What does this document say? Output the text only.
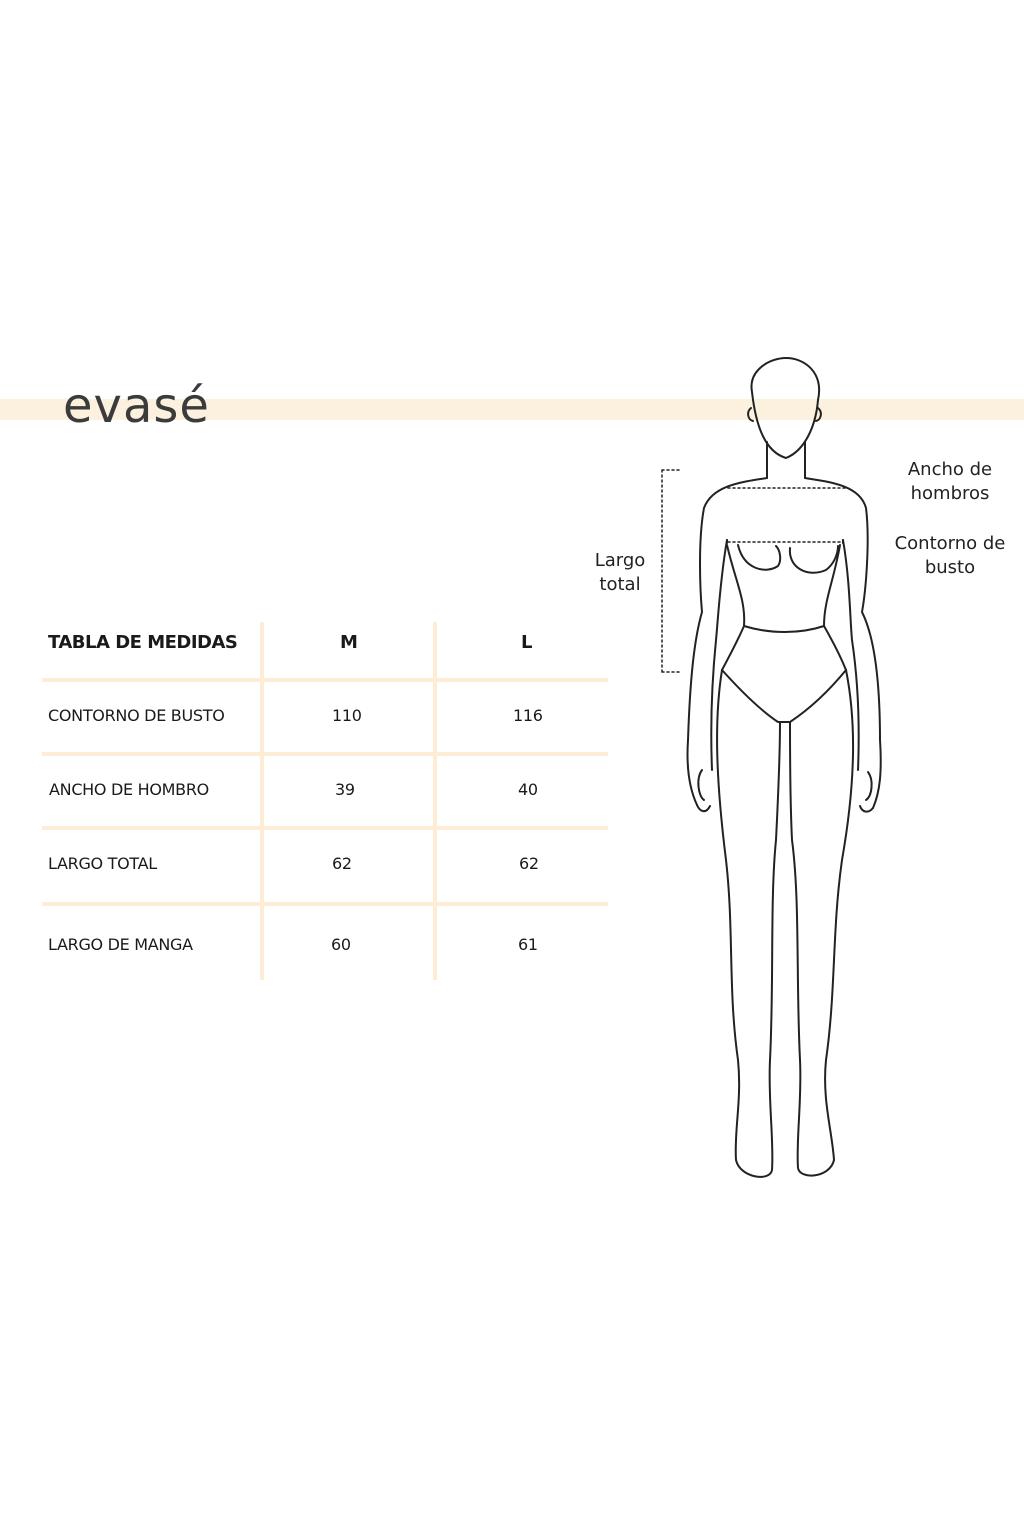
evasé
TABLA DE MEDIDAS	M	L
CONTORNO DE BUSTO	110	116
ANCHO DE HOMBRO	39	40
LARGO TOTAL	62	62
LARGO DE MANGA	60	61
Ancho de
hombros
Contorno de
busto
Largo
total
